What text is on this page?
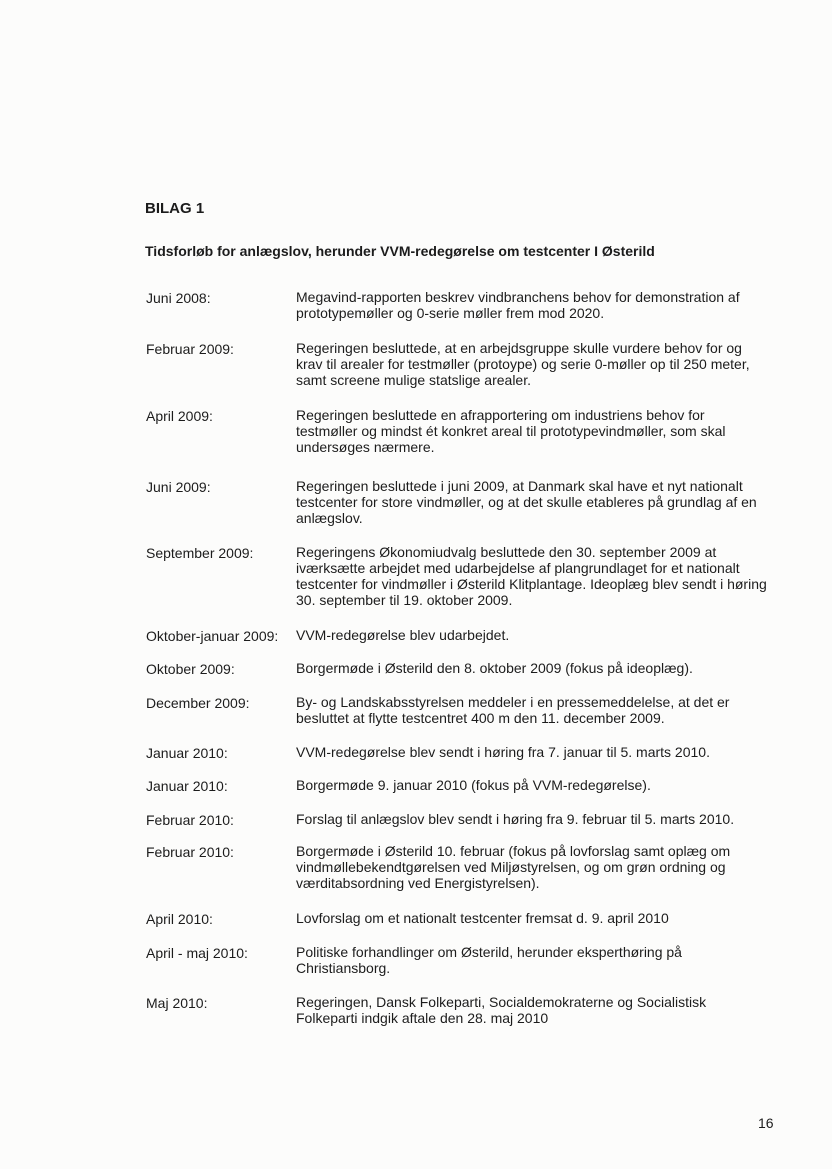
BILAG 1
Tidsforløb for anlægslov, herunder VVM-redegørelse om testcenter I Østerild
Juni 2008:	Megavind-rapporten beskrev vindbranchens behov for demonstration af prototypemøller og 0-serie møller frem mod 2020.
Februar 2009:	Regeringen besluttede, at en arbejdsgruppe skulle vurdere behov for og krav til arealer for testmøller (protoype) og serie 0-møller op til 250 meter, samt screene mulige statslige arealer.
April 2009:	Regeringen besluttede en afrapportering om industriens behov for testmøller og mindst ét konkret areal til prototypevindmøller, som skal undersøges nærmere.
Juni 2009:	Regeringen besluttede i juni 2009, at Danmark skal have et nyt nationalt testcenter for store vindmøller, og at det skulle etableres på grundlag af en anlægslov.
September 2009:	Regeringens Økonomiudvalg besluttede den 30. september 2009 at iværksætte arbejdet med udarbejdelse af plangrundlaget for et nationalt testcenter for vindmøller i Østerild Klitplantage. Ideoplæg blev sendt i høring 30. september til 19. oktober 2009.
Oktober-januar 2009: VVM-redegørelse blev udarbejdet.
Oktober 2009:	Borgermøde i Østerild den 8. oktober 2009 (fokus på ideoplæg).
December 2009:	By- og Landskabsstyrelsen meddeler i en pressemeddelelse, at det er besluttet at flytte testcentret 400 m den 11. december 2009.
Januar 2010:	VVM-redegørelse blev sendt i høring fra 7. januar til 5. marts 2010.
Januar 2010:	Borgermøde 9. januar 2010 (fokus på VVM-redegørelse).
Februar 2010:	Forslag til anlægslov blev sendt i høring fra 9. februar til 5. marts 2010.
Februar 2010:	Borgermøde i Østerild 10. februar (fokus på lovforslag samt oplæg om vindmøllebekendtgørelsen ved Miljøstyrelsen, og om grøn ordning og værditabsordning ved Energistyrelsen).
April 2010:	Lovforslag om et nationalt testcenter fremsat d. 9. april 2010
April - maj 2010:	Politiske forhandlinger om Østerild, herunder eksperthøring på Christiansborg.
Maj 2010:	Regeringen, Dansk Folkeparti, Socialdemokraterne og Socialistisk Folkeparti indgik aftale den 28. maj 2010
16
